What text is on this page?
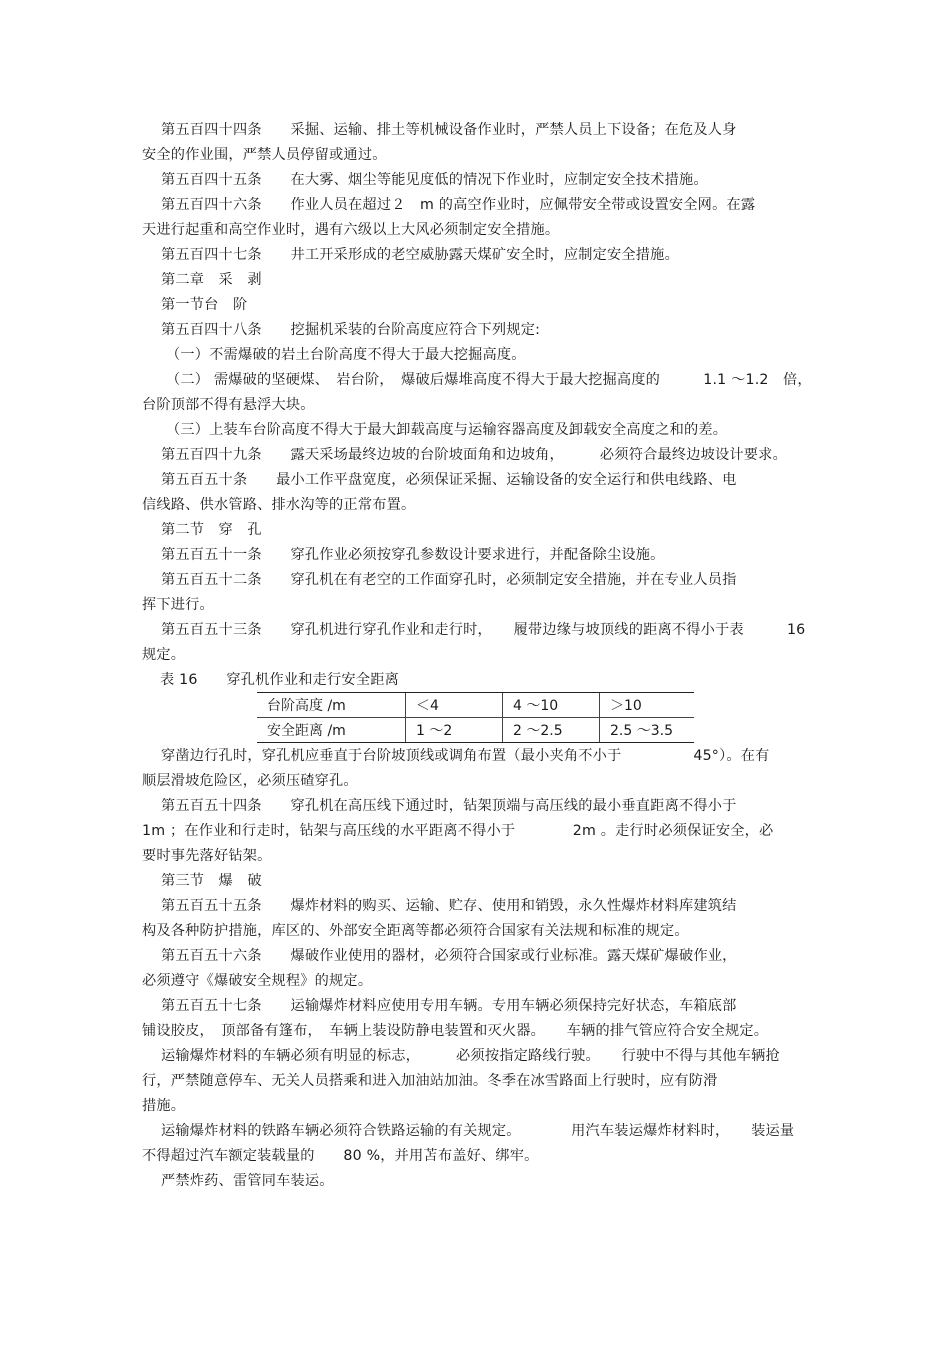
第五百四十四条　　采掘、运输、排土等机械设备作业时，严禁人员上下设备；在危及人身
安全的作业围，严禁人员停留或通过。
第五百四十五条　　在大雾、烟尘等能见度低的情况下作业时，应制定安全技术措施。
第五百四十六条　　作业人员在超过２　m 的高空作业时，应佩带安全带或设置安全网。在露
天进行起重和高空作业时，遇有六级以上大风必须制定安全措施。
第五百四十七条　　井工开采形成的老空威胁露天煤矿安全时，应制定安全措施。
第二章　采　剥
第一节台　阶
第五百四十八条　　挖掘机采装的台阶高度应符合下列规定:
（一）不需爆破的岩土台阶高度不得大于最大挖掘高度。
（二） 需爆破的坚硬煤、　岩台阶，　爆破后爆堆高度不得大于最大挖掘高度的　　　1.1 ～1.2　倍，
台阶顶部不得有悬浮大块。
（三）上装车台阶高度不得大于最大卸载高度与运输容器高度及卸载安全高度之和的差。
第五百四十九条　　露天采场最终边坡的台阶坡面角和边坡角，　　　必须符合最终边坡设计要求。
第五百五十条　　最小工作平盘宽度，必须保证采掘、运输设备的安全运行和供电线路、电
信线路、供水管路、排水沟等的正常布置。
第二节　穿　孔
第五百五十一条　　穿孔作业必须按穿孔参数设计要求进行，并配备除尘设施。
第五百五十二条　　穿孔机在有老空的工作面穿孔时，必须制定安全措施，并在专业人员指
挥下进行。
第五百五十三条　　穿孔机进行穿孔作业和走行时，　　履带边缘与坡顶线的距离不得小于表　　　16
规定。
表 16　　穿孔机作业和走行安全距离
台阶高度 /m	＜4	4 ～10	＞10
安全距离 /m	1 ～2	2 ～2.5	2.5 ～3.5
穿凿边行孔时，穿孔机应垂直于台阶坡顶线或调角布置（最小夹角不小于　　　　　45°）。在有
顺层滑坡危险区，必须压碴穿孔。
第五百五十四条　　穿孔机在高压线下通过时，钻架顶端与高压线的最小垂直距离不得小于
1m ；在作业和行走时，钻架与高压线的水平距离不得小于　　　　2m 。走行时必须保证安全，必
要时事先落好钻架。
第三节　爆　破
第五百五十五条　　爆炸材料的购买、运输、贮存、使用和销毁，永久性爆炸材料库建筑结
构及各种防护措施，库区的、外部安全距离等都必须符合国家有关法规和标准的规定。
第五百五十六条　　爆破作业使用的器材，必须符合国家或行业标准。露天煤矿爆破作业，
必须遵守《爆破安全规程》的规定。
第五百五十七条　　运输爆炸材料应使用专用车辆。专用车辆必须保持完好状态，车箱底部
铺设胶皮，　顶部备有篷布，　车辆上装设防静电装置和灭火器。　　车辆的排气管应符合安全规定。
运输爆炸材料的车辆必须有明显的标志，　　　必须按指定路线行驶。　　行驶中不得与其他车辆抢
行，严禁随意停车、无关人员搭乘和进入加油站加油。冬季在冰雪路面上行驶时，应有防滑
措施。
运输爆炸材料的铁路车辆必须符合铁路运输的有关规定。　　　　用汽车装运爆炸材料时，　　装运量
不得超过汽车额定装载量的　　80 %，并用苫布盖好、绑牢。
严禁炸药、雷管同车装运。
